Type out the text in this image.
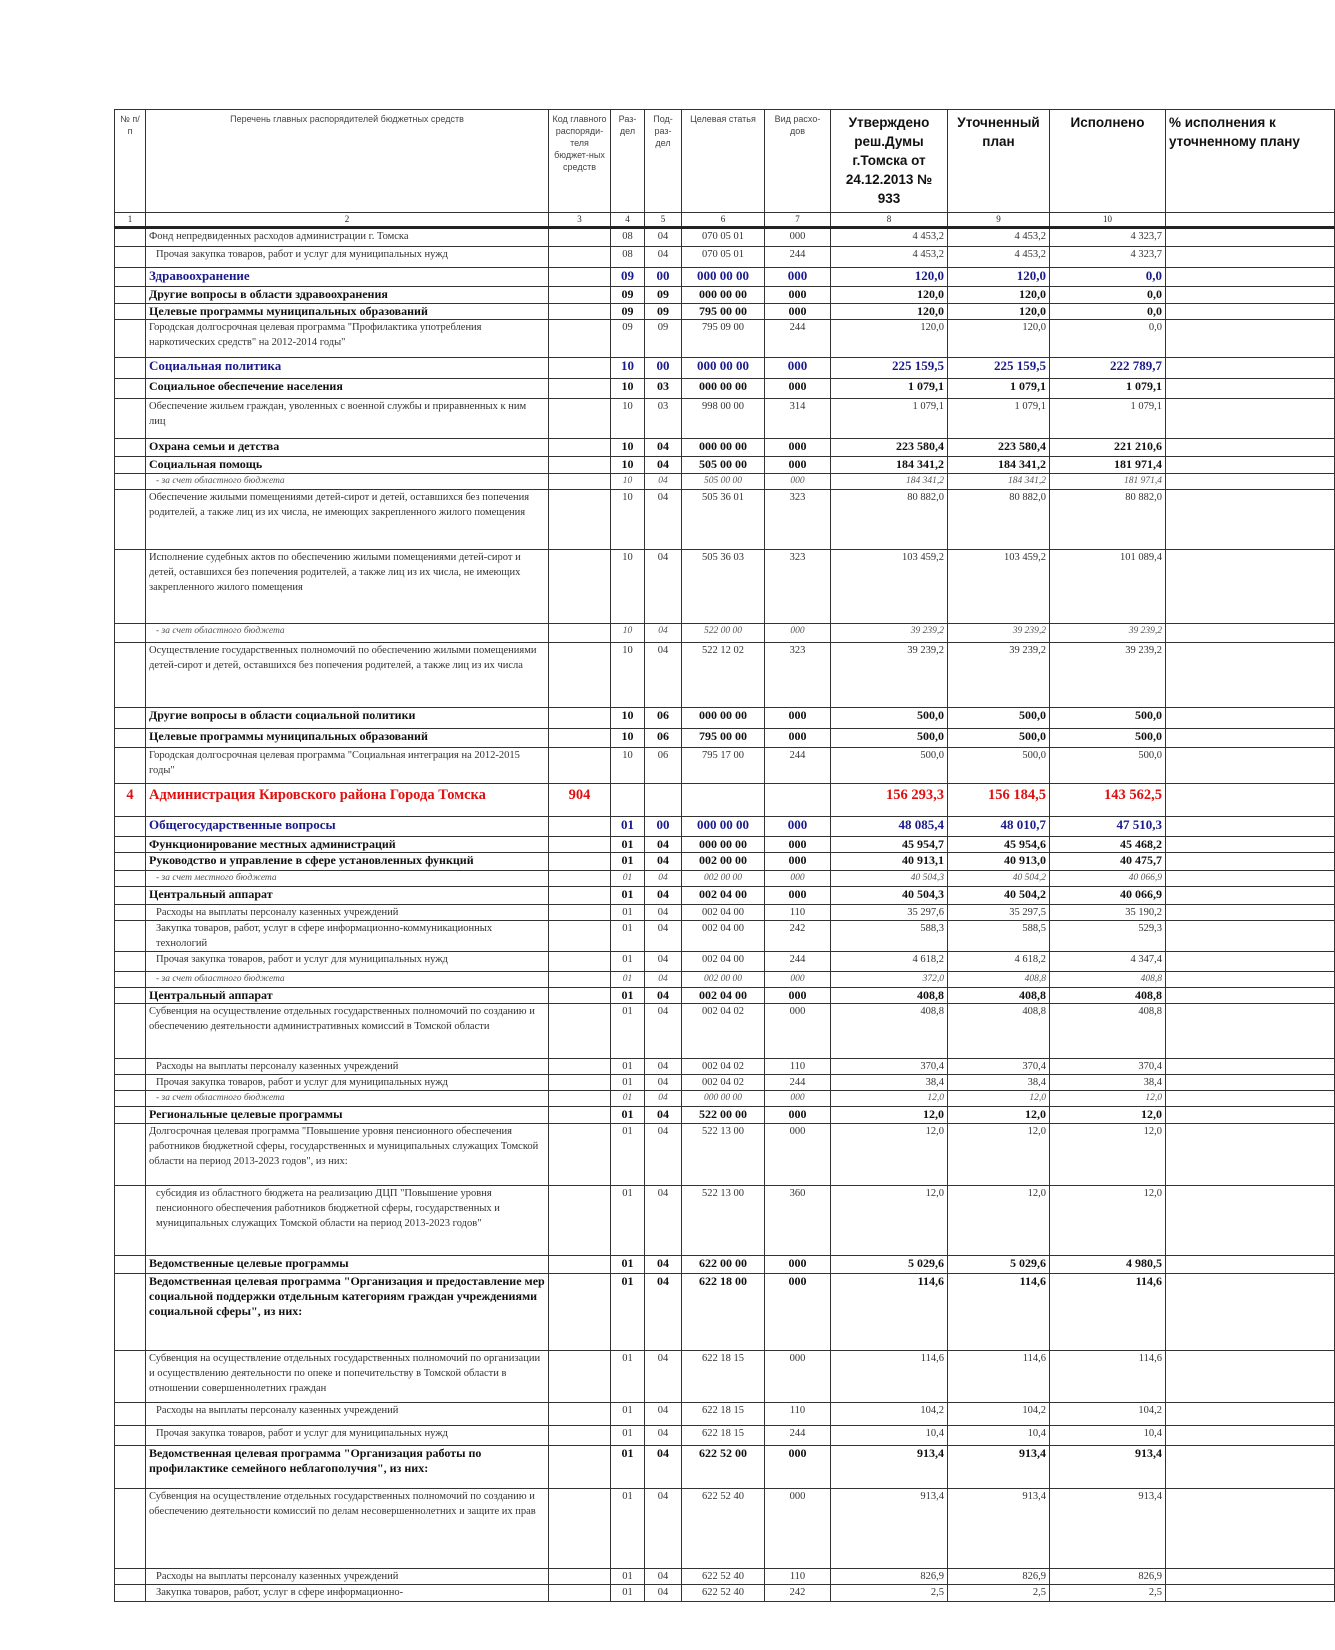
№ п/п	Перечень главных распорядителей бюджетных средств	Код главного распоряди-теля бюджет-ных средств	Раз-дел	Под-раз-дел	Целевая статья	Вид расхо-дов	Утверждено реш.Думы г.Томска от 24.12.2013 № 933	Уточненный план	Исполнено	% исполнения к уточненному плану
1	2	3	4	5	6	7	8	9	10	
	Фонд непредвиденных расходов администрации г. Томска		08	04	070 05 01	000	4 453,2	4 453,2	4 323,7	
	Прочая закупка товаров, работ и услуг для муниципальных нужд		08	04	070 05 01	244	4 453,2	4 453,2	4 323,7	
	Здравоохранение		09	00	000 00 00	000	120,0	120,0	0,0	
	Другие вопросы в области здравоохранения		09	09	000 00 00	000	120,0	120,0	0,0	
	Целевые программы муниципальных образований		09	09	795 00 00	000	120,0	120,0	0,0	
	Городская долгосрочная целевая программа "Профилактика употребления наркотических средств" на 2012-2014 годы"		09	09	795 09 00	244	120,0	120,0	0,0	
	Социальная политика		10	00	000 00 00	000	225 159,5	225 159,5	222 789,7	
	Социальное обеспечение населения		10	03	000 00 00	000	1 079,1	1 079,1	1 079,1	
	Обеспечение жильем граждан, уволенных с военной службы и приравненных к ним лиц		10	03	998 00 00	314	1 079,1	1 079,1	1 079,1	
	Охрана семьи и детства		10	04	000 00 00	000	223 580,4	223 580,4	221 210,6	
	Социальная помощь		10	04	505 00 00	000	184 341,2	184 341,2	181 971,4	
	- за счет областного бюджета		10	04	505 00 00	000	184 341,2	184 341,2	181 971,4	
	Обеспечение жилыми помещениями детей-сирот и детей, оставшихся без попечения родителей, а также лиц из их числа, не имеющих закрепленного жилого помещения		10	04	505 36 01	323	80 882,0	80 882,0	80 882,0	
	Исполнение судебных актов по обеспечению жилыми помещениями детей-сирот и детей, оставшихся без попечения родителей, а также лиц из их числа, не имеющих закрепленного жилого помещения		10	04	505 36 03	323	103 459,2	103 459,2	101 089,4	
	- за счет областного бюджета		10	04	522 00 00	000	39 239,2	39 239,2	39 239,2	
	Осуществление государственных полномочий по обеспечению жилыми помещениями детей-сирот и детей, оставшихся без попечения родителей, а также лиц из их числа		10	04	522 12 02	323	39 239,2	39 239,2	39 239,2	
	Другие вопросы в области социальной политики		10	06	000 00 00	000	500,0	500,0	500,0	
	Целевые программы муниципальных образований		10	06	795 00 00	000	500,0	500,0	500,0	
	Городская долгосрочная целевая программа "Социальная интеграция на 2012-2015 годы"		10	06	795 17 00	244	500,0	500,0	500,0	
4	Администрация Кировского района Города Томска	904					156 293,3	156 184,5	143 562,5	
	Общегосударственные вопросы		01	00	000 00 00	000	48 085,4	48 010,7	47 510,3	
	Функционирование местных администраций		01	04	000 00 00	000	45 954,7	45 954,6	45 468,2	
	Руководство и управление в сфере установленных функций		01	04	002 00 00	000	40 913,1	40 913,0	40 475,7	
	- за счет местного бюджета		01	04	002 00 00	000	40 504,3	40 504,2	40 066,9	
	Центральный аппарат		01	04	002 04 00	000	40 504,3	40 504,2	40 066,9	
	Расходы на выплаты персоналу казенных учреждений		01	04	002 04 00	110	35 297,6	35 297,5	35 190,2	
	Закупка товаров, работ, услуг в сфере информационно-коммуникационных технологий		01	04	002 04 00	242	588,3	588,5	529,3	
	Прочая закупка товаров, работ и услуг для муниципальных нужд		01	04	002 04 00	244	4 618,2	4 618,2	4 347,4	
	- за счет областного бюджета		01	04	002 00 00	000	372,0	408,8	408,8	
	Центральный аппарат		01	04	002 04 00	000	408,8	408,8	408,8	
	Субвенция на осуществление отдельных государственных полномочий по созданию и обеспечению деятельности административных комиссий в Томской области		01	04	002 04 02	000	408,8	408,8	408,8	
	Расходы на выплаты персоналу казенных учреждений		01	04	002 04 02	110	370,4	370,4	370,4	
	Прочая закупка товаров, работ и услуг для муниципальных нужд		01	04	002 04 02	244	38,4	38,4	38,4	
	- за счет областного бюджета		01	04	000 00 00	000	12,0	12,0	12,0	
	Региональные целевые программы		01	04	522 00 00	000	12,0	12,0	12,0	
	Долгосрочная целевая программа "Повышение уровня пенсионного обеспечения работников бюджетной сферы, государственных и муниципальных служащих Томской области на период 2013-2023 годов", из них:		01	04	522 13 00	000	12,0	12,0	12,0	
	субсидия из областного бюджета на реализацию ДЦП "Повышение уровня пенсионного обеспечения работников бюджетной сферы, государственных и муниципальных служащих Томской области на период 2013-2023 годов"		01	04	522 13 00	360	12,0	12,0	12,0	
	Ведомственные целевые программы		01	04	622 00 00	000	5 029,6	5 029,6	4 980,5	
	Ведомственная целевая программа "Организация и предоставление мер социальной поддержки отдельным категориям граждан учреждениями социальной сферы", из них:		01	04	622 18 00	000	114,6	114,6	114,6	
	Субвенция на осуществление отдельных государственных полномочий по организации и осуществлению деятельности по опеке и попечительству в Томской области в отношении совершеннолетних граждан		01	04	622 18 15	000	114,6	114,6	114,6	
	Расходы на выплаты персоналу казенных учреждений		01	04	622 18 15	110	104,2	104,2	104,2	
	Прочая закупка товаров, работ и услуг для муниципальных нужд		01	04	622 18 15	244	10,4	10,4	10,4	
	Ведомственная целевая программа "Организация работы по профилактике семейного неблагополучия", из них:		01	04	622 52 00	000	913,4	913,4	913,4	
	Субвенция на осуществление отдельных государственных полномочий по созданию и обеспечению деятельности комиссий по делам несовершеннолетних и защите их прав		01	04	622 52 40	000	913,4	913,4	913,4	
	Расходы на выплаты персоналу казенных учреждений		01	04	622 52 40	110	826,9	826,9	826,9	
	Закупка товаров, работ, услуг в сфере информационно-		01	04	622 52 40	242	2,5	2,5	2,5	
